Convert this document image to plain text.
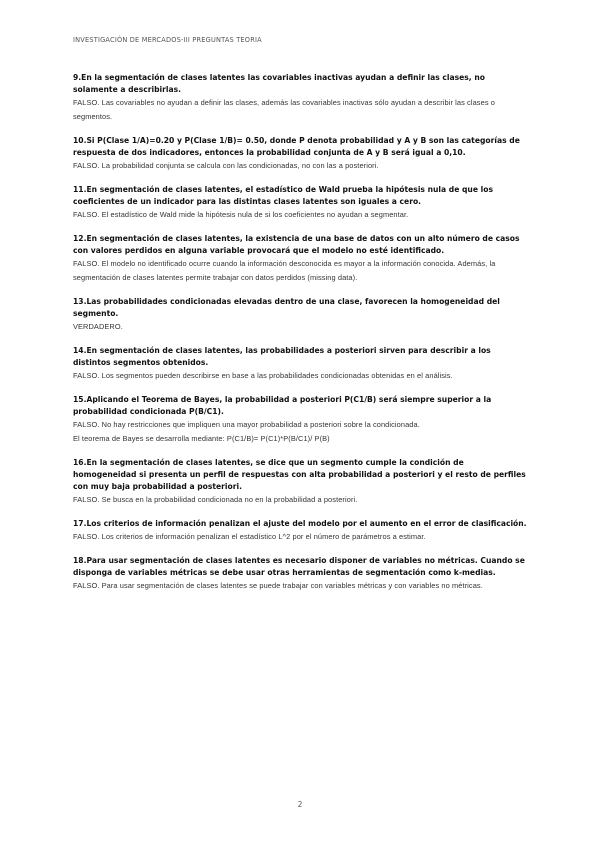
INVESTIGACIÓN DE MERCADOS-III PREGUNTAS TEORIA

9.En la segmentación de clases latentes las covariables inactivas ayudan a definir las clases, no solamente a describirlas.

FALSO. Las covariables no ayudan a definir las clases, además las covariables inactivas sólo ayudan a describir las clases o segmentos.

10.Si P(Clase 1/A)=0.20 y P(Clase 1/B)= 0.50, donde P denota probabilidad y A y B son las categorías de respuesta de dos indicadores, entonces la probabilidad conjunta de A y B será igual a 0,10.

FALSO. La probabilidad conjunta se calcula con las condicionadas, no con las a posteriori.

11.En segmentación de clases latentes, el estadístico de Wald prueba la hipótesis nula de que los coeficientes de un indicador para las distintas clases latentes son iguales a cero.

FALSO. El estadístico de Wald mide la hipótesis nula de si los coeficientes no ayudan a segmentar.

12.En segmentación de clases latentes, la existencia de una base de datos con un alto número de casos con valores perdidos en alguna variable provocará que el modelo no esté identificado.

FALSO. El modelo no identificado ocurre cuando la información desconocida es mayor a la información conocida. Además, la segmentación de clases latentes permite trabajar con datos perdidos (missing data).

13.Las probabilidades condicionadas elevadas dentro de una clase, favorecen la homogeneidad del segmento.

VERDADERO.

14.En segmentación de clases latentes, las probabilidades a posteriori sirven para describir a los distintos segmentos obtenidos.

FALSO. Los segmentos pueden describirse en base a las probabilidades condicionadas obtenidas en el análisis.

15.Aplicando el Teorema de Bayes, la probabilidad a posteriori P(C1/B) será siempre superior a la probabilidad condicionada P(B/C1).

FALSO. No hay restricciones que impliquen una mayor probabilidad a posteriori sobre la condicionada.
El teorema de Bayes se desarrolla mediante: P(C1/B)= P(C1)*P(B/C1)/ P(B)

16.En la segmentación de clases latentes, se dice que un segmento cumple la condición de homogeneidad si presenta un perfil de respuestas con alta probabilidad a posteriori y el resto de perfiles con muy baja probabilidad a posteriori.

FALSO. Se busca en la probabilidad condicionada no en la probabilidad a posteriori.

17.Los criterios de información penalizan el ajuste del modelo por el aumento en el error de clasificación.

FALSO. Los criterios de información penalizan el estadístico L^2 por el número de parámetros a estimar.

18.Para usar segmentación de clases latentes es necesario disponer de variables no métricas. Cuando se disponga de variables métricas se debe usar otras herramientas de segmentación como k-medias.

FALSO. Para usar segmentación de clases latentes se puede trabajar con variables métricas y con variables no métricas.

2
